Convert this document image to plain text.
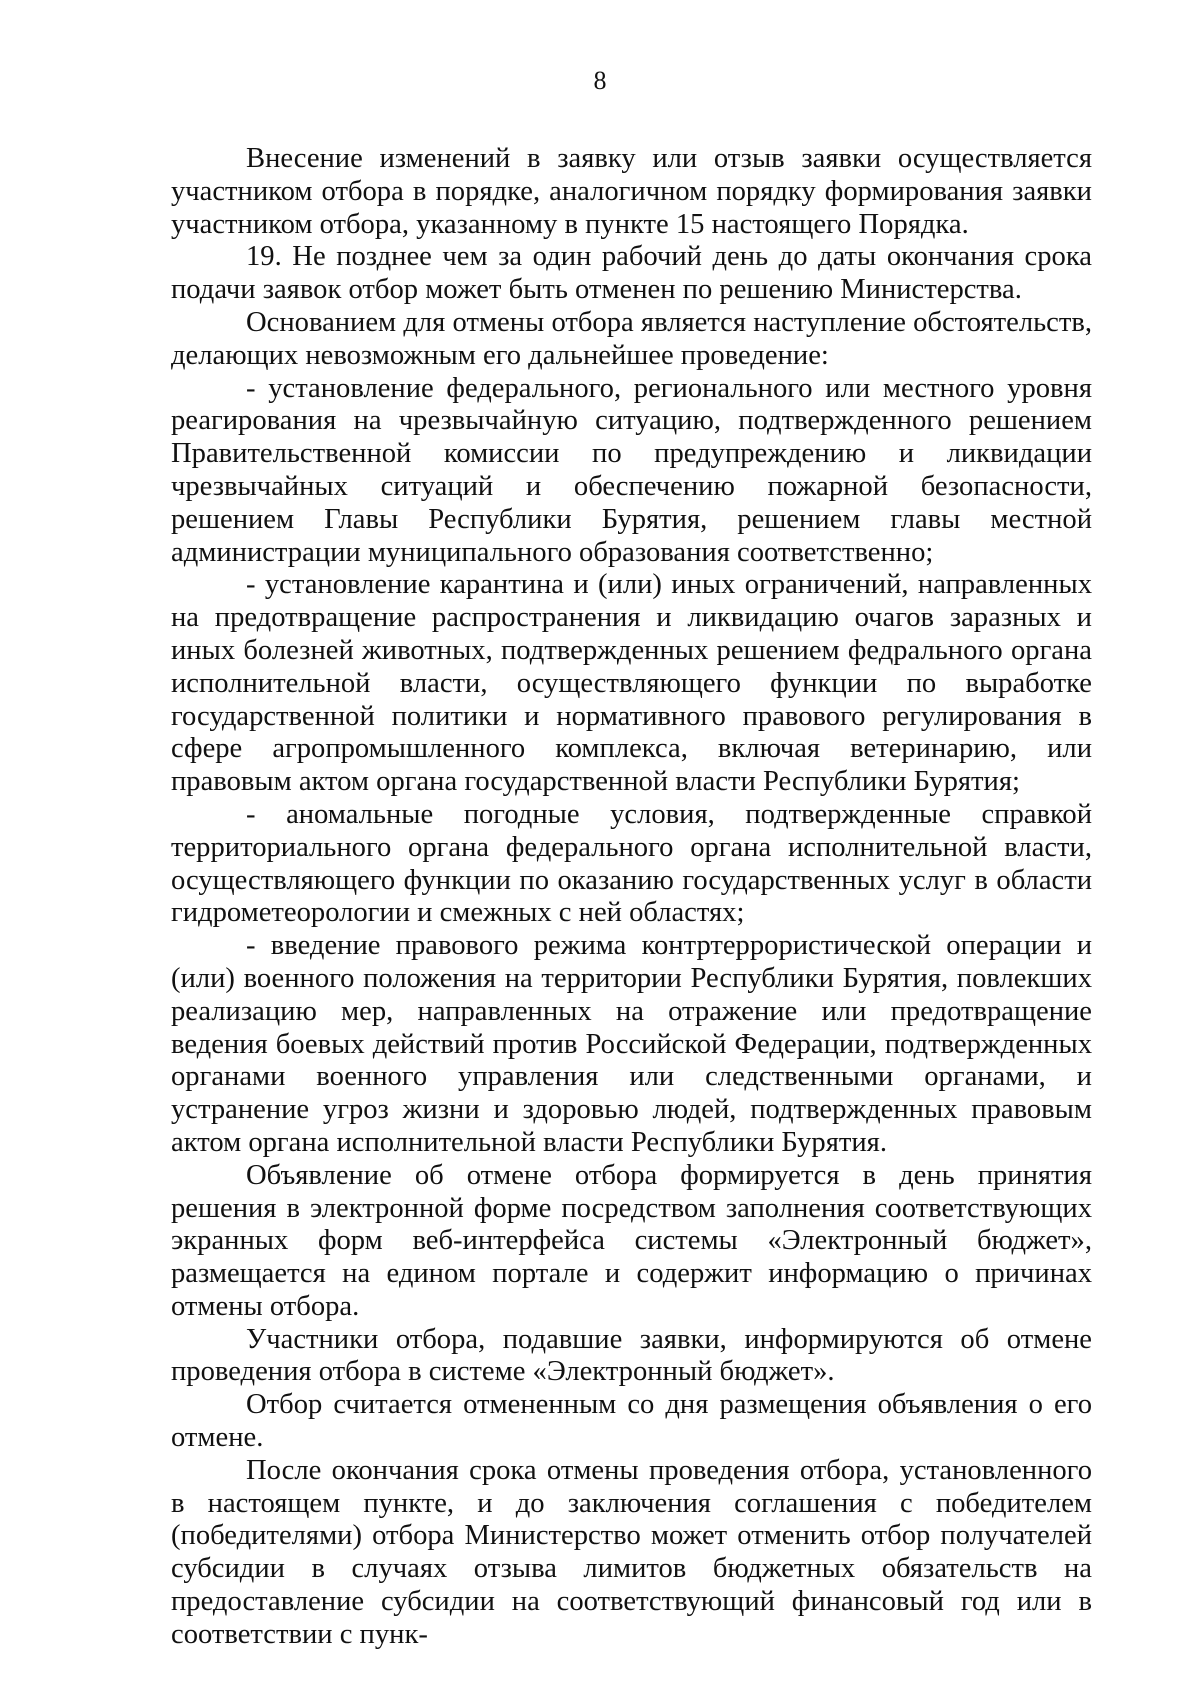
8

Внесение изменений в заявку или отзыв заявки осуществляется участником отбора в порядке, аналогичном порядку формирования заявки участником отбора, указанному в пункте 15 настоящего Порядка.

19. Не позднее чем за один рабочий день до даты окончания срока подачи заявок отбор может быть отменен по решению Министерства.

Основанием для отмены отбора является наступление обстоятельств, делающих невозможным его дальнейшее проведение:

- установление федерального, регионального или местного уровня реагирования на чрезвычайную ситуацию, подтвержденного решением Правительственной комиссии по предупреждению и ликвидации чрезвычайных ситуаций и обеспечению пожарной безопасности, решением Главы Республики Бурятия, решением главы местной администрации муниципального образования соответственно;

- установление карантина и (или) иных ограничений, направленных на предотвращение распространения и ликвидацию очагов заразных и иных болезней животных, подтвержденных решением федрального органа исполнительной власти, осуществляющего функции по выработке государственной политики и нормативного правового регулирования в сфере агропромышленного комплекса, включая ветеринарию, или правовым актом органа государственной власти Республики Бурятия;

- аномальные погодные условия, подтвержденные справкой территориального органа федерального органа исполнительной власти, осуществляющего функции по оказанию государственных услуг в области гидрометеорологии и смежных с ней областях;

- введение правового режима контртеррористической операции и (или) военного положения на территории Республики Бурятия, повлекших реализацию мер, направленных на отражение или предотвращение ведения боевых действий против Российской Федерации, подтвержденных органами военного управления или следственными органами, и устранение угроз жизни и здоровью людей, подтвержденных правовым актом органа исполнительной власти Республики Бурятия.

Объявление об отмене отбора формируется в день принятия решения в электронной форме посредством заполнения соответствующих экранных форм веб-интерфейса системы «Электронный бюджет», размещается на едином портале и содержит информацию о причинах отмены отбора.

Участники отбора, подавшие заявки, информируются об отмене проведения отбора в системе «Электронный бюджет».

Отбор считается отмененным со дня размещения объявления о его отмене.

После окончания срока отмены проведения отбора, установленного в настоящем пункте, и до заключения соглашения с победителем (победителями) отбора Министерство может отменить отбор получателей субсидии в случаях отзыва лимитов бюджетных обязательств на предоставление субсидии на соответствующий финансовый год или в соответствии с пунк-
